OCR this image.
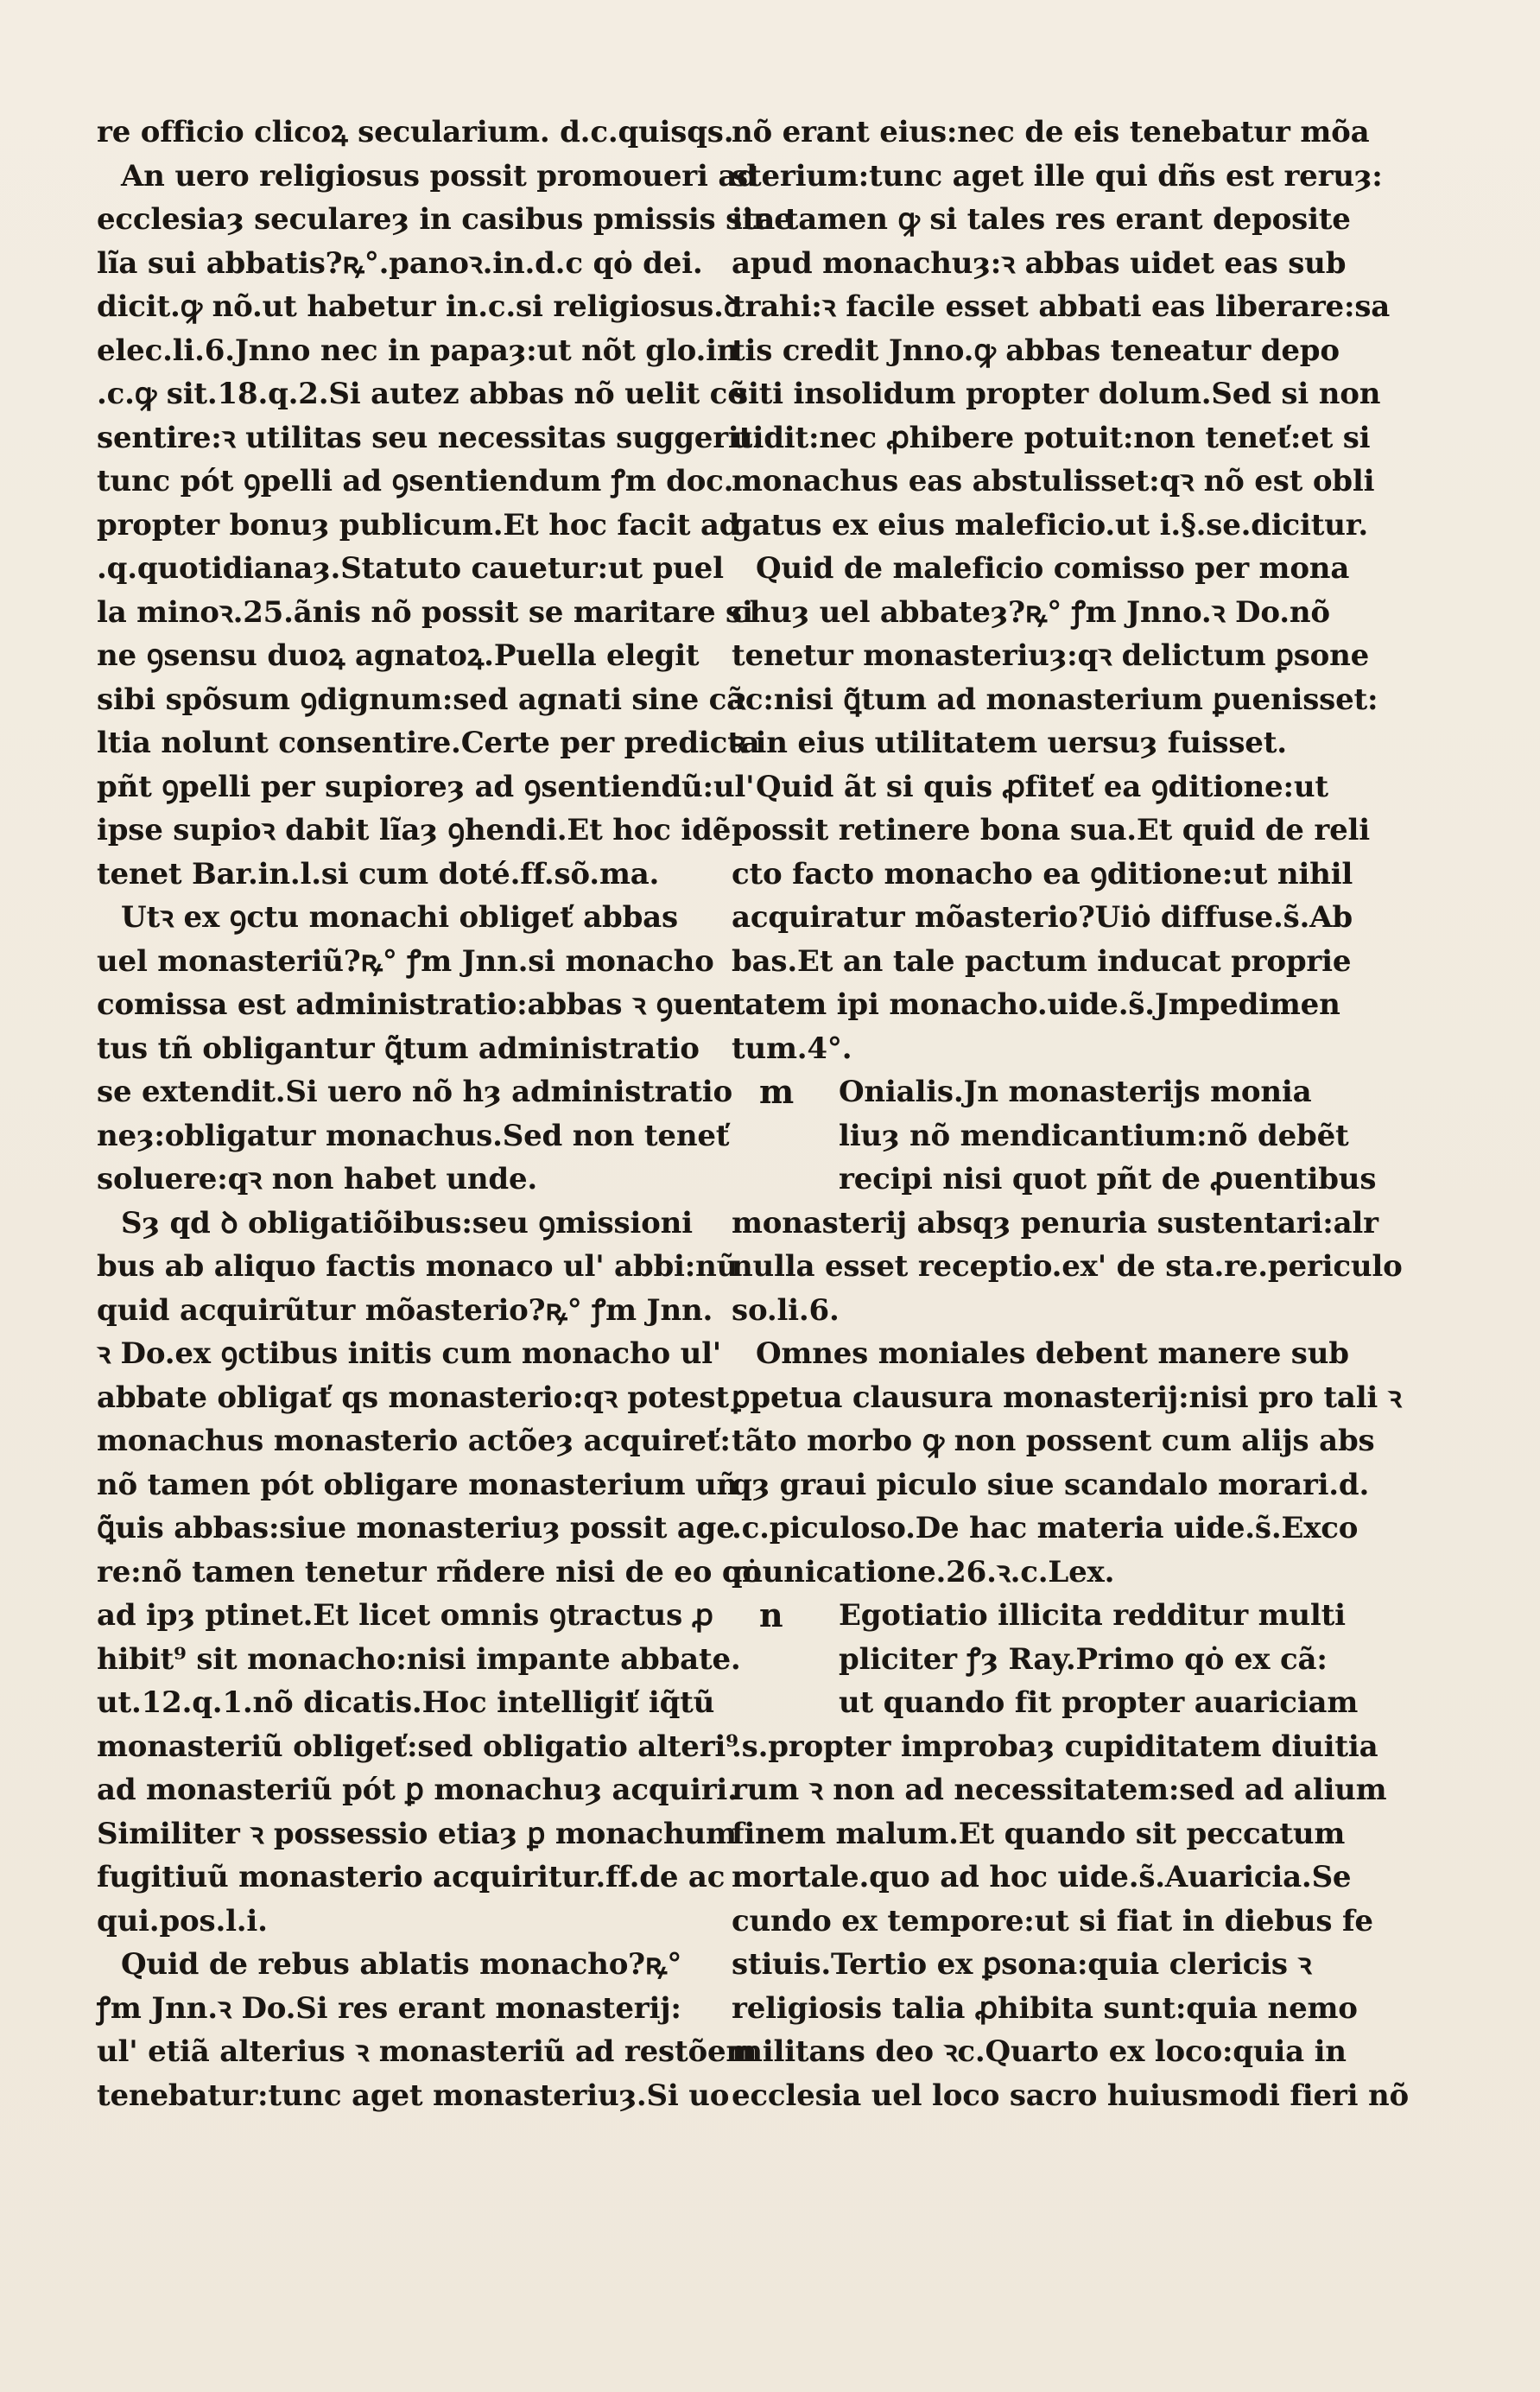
re officio clicoꝝ secularium. d.c.quisqs.
An uero religiosus possit promoueri ad
ecclesiaȝ seculareȝ in casibus pmissis sine
lĩa sui abbatis?ꝶ°.panoꝛ.in.d.c qȯ dei.
dicit.ꝙ nõ.ut habetur in.c.si religiosus.ꝺ
elec.li.6.Jnno nec in papaȝ:ut nõt glo.in
.c.ꝙ sit.18.q.2.Si autez abbas nõ uelit cõ
sentire:ꝛ utilitas seu necessitas suggerit:
tunc pót ꝯpelli ad ꝯsentiendum ꝭm doc.
propter bonuȝ publicum.Et hoc facit ad
.q.quotidianaȝ.Statuto cauetur:ut puel
la minoꝛ.25.ãnis nõ possit se maritare si
ne ꝯsensu duoꝝ agnatoꝝ.Puella elegit
sibi spõsum ꝯdignum:sed agnati sine cã
ltia nolunt consentire.Certe per predicta
pñt ꝯpelli per supioreȝ ad ꝯsentiendũ:ul'
ipse supioꝛ dabit lĩaȝ ꝯhendi.Et hoc idẽ
tenet Bar.in.l.si cum doté.ff.sõ.ma.
Utꝛ ex ꝯctu monachi obligeť abbas
uel monasteriũ?ꝶ° ꝭm Jnn.si monacho
comissa est administratio:abbas ꝛ ꝯuen
tus tñ obligantur ꝗ̃tum administratio
se extendit.Si uero nõ hȝ administratio
neȝ:obligatur monachus.Sed non teneť
soluere:qꝛ non habet unde.
Sȝ qd ꝺ obligatiõibus:seu ꝯmissioni
bus ab aliquo factis monaco ul' abbi:nũ
quid acquirũtur mõasterio?ꝶ° ꝭm Jnn.
ꝛ Do.ex ꝯctibus initis cum monacho ul'
abbate obligať qs monasterio:qꝛ potest
monachus monasterio actõeȝ acquireť:
nõ tamen pót obligare monasterium uñ
ꝗ̃uis abbas:siue monasteriuȝ possit age
re:nõ tamen tenetur rñdere nisi de eo qȯ
ad ipȝ ptinet.Et licet omnis ꝯtractus ꝓ
hibit⁹ sit monacho:nisi impante abbate.
ut.12.q.1.nõ dicatis.Hoc intelligiť iq̃tũ
monasteriũ obligeť:sed obligatio alteri⁹
ad monasteriũ pót ꝑ monachuȝ acquiri.
Similiter ꝛ possessio etiaȝ ꝑ monachum
fugitiuũ monasterio acquiritur.ff.de ac
qui.pos.l.i.
Quid de rebus ablatis monacho?ꝶ°
ꝭm Jnn.ꝛ Do.Si res erant monasterij:
ul' etiã alterius ꝛ monasteriũ ad restõem
tenebatur:tunc aget monasteriuȝ.Si uo
nõ erant eius:nec de eis tenebatur mõa
sterium:tunc aget ille qui dñs est reruȝ:
ita tamen ꝙ si tales res erant deposite
apud monachuȝ:ꝛ abbas uidet eas sub
trahi:ꝛ facile esset abbati eas liberare:sa
tis credit Jnno.ꝙ abbas teneatur depo
siti insolidum propter dolum.Sed si non
uidit:nec ꝓhibere potuit:non teneť:et si
monachus eas abstulisset:qꝛ nõ est obli
gatus ex eius maleficio.ut i.§.se.dicitur.
Quid de maleficio comisso per mona
chuȝ uel abbateȝ?ꝶ° ꝭm Jnno.ꝛ Do.nõ
tenetur monasteriuȝ:qꝛ delictum ꝑsone
ꝛc:nisi ꝗ̃tum ad monasterium ꝑuenisset:
ꝛ in eius utilitatem uersuȝ fuisset.
Quid ãt si quis ꝓfiteť ea ꝯditione:ut
possit retinere bona sua.Et quid de reli
cto facto monacho ea ꝯditione:ut nihil
acquiratur mõasterio?Uiȯ diffuse.s̃.Ab
bas.Et an tale pactum inducat proprie
tatem ipi monacho.uide.s̃.Jmpedimen
tum.4°.
m	Onialis.Jn monasterijs monia
liuȝ nõ mendicantium:nõ debẽt
recipi nisi quot pñt de ꝓuentibus
monasterij absqȝ penuria sustentari:alr
nulla esset receptio.ex' de sta.re.periculo
so.li.6.
Omnes moniales debent manere sub
ꝑpetua clausura monasterij:nisi pro tali ꝛ
tãto morbo ꝙ non possent cum alijs abs
qȝ graui piculo siue scandalo morari.d.
.c.piculoso.De hac materia uide.s̃.Exco
municatione.26.ꝛ.c.Lex.
n	Egotiatio illicita redditur multi
pliciter ꝭȝ Ray.Primo qȯ ex cã:
ut quando fit propter auariciam
.s.propter improbaȝ cupiditatem diuitia
rum ꝛ non ad necessitatem:sed ad alium
finem malum.Et quando sit peccatum
mortale.quo ad hoc uide.s̃.Auaricia.Se
cundo ex tempore:ut si fiat in diebus fe
stiuis.Tertio ex ꝑsona:quia clericis ꝛ
religiosis talia ꝓhibita sunt:quia nemo
militans deo ꝛc.Quarto ex loco:quia in
ecclesia uel loco sacro huiusmodi fieri nõ
